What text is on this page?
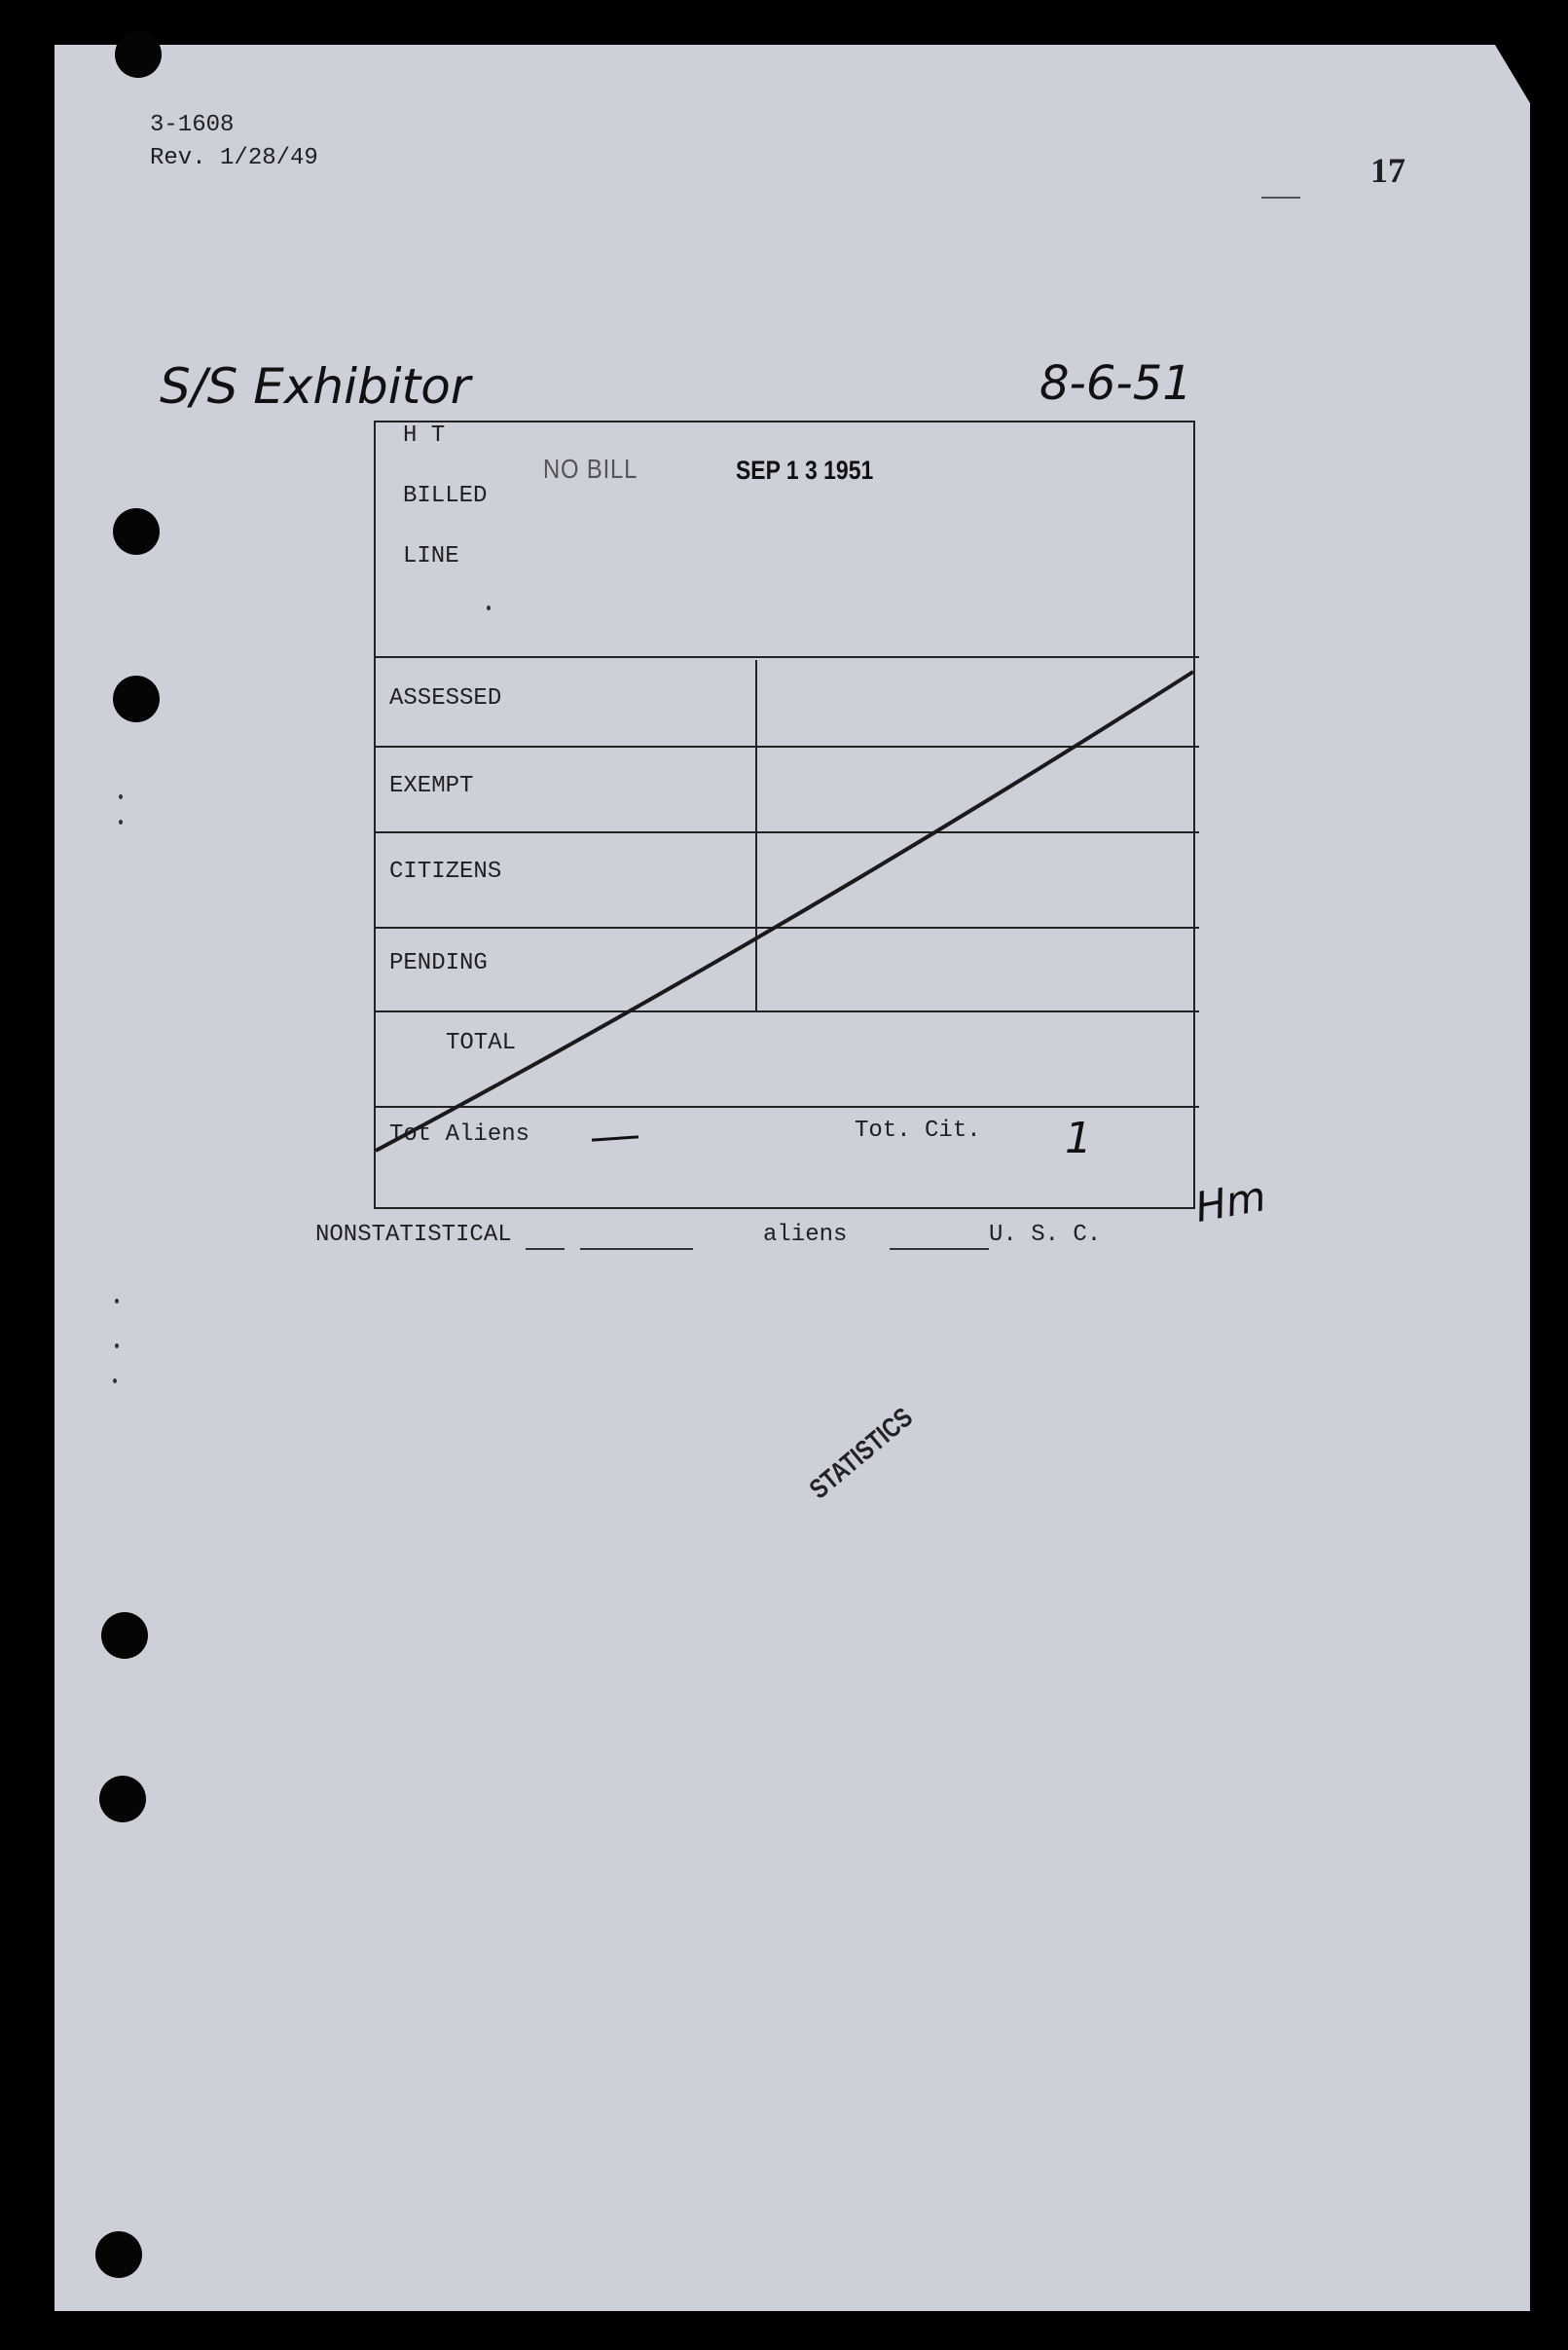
3-1608
Rev. 1/28/49	17
S/S Exhibitor	8-6-51
H T
BILLED
LINE
NO BILL	SEP 1 3 1951
ASSESSED
EXEMPT
CITIZENS
PENDING
TOTAL
Tot Aliens	Tot. Cit. 1
Hm
NONSTATISTICAL	aliens	U. S. C.
STATISTICS
